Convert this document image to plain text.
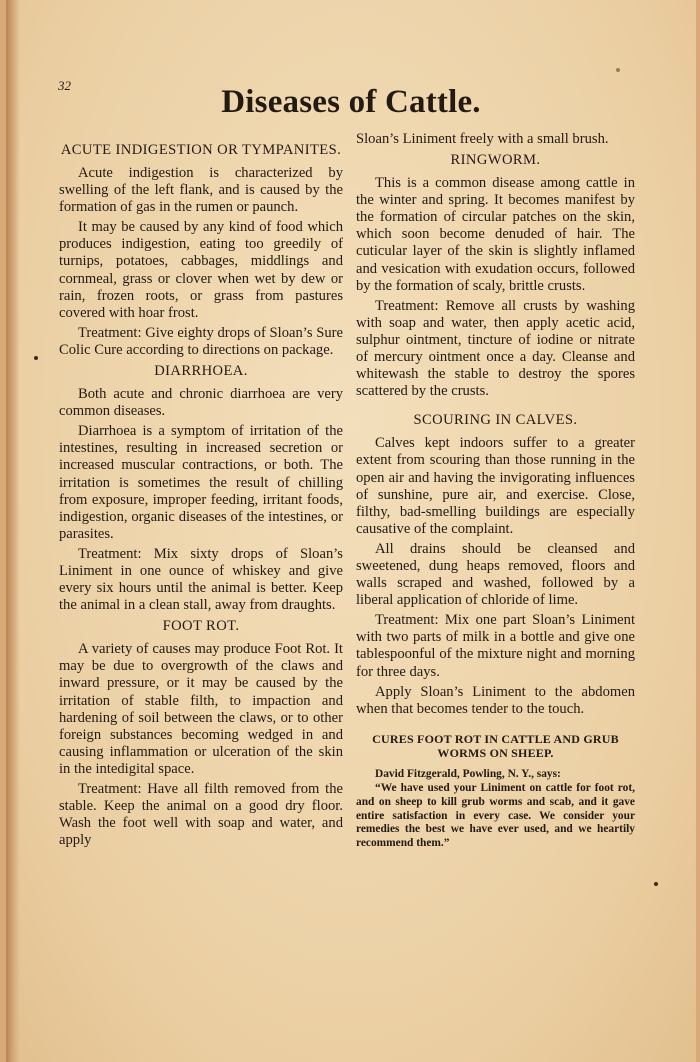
32	Diseases of Cattle.
ACUTE INDIGESTION OR TYMPANITES.

Acute indigestion is characterized by swelling of the left flank, and is caused by the formation of gas in the rumen or paunch.

It may be caused by any kind of food which produces indigestion, eating too greedily of turnips, potatoes, cabbages, middlings and cornmeal, grass or clover when wet by dew or rain, frozen roots, or grass from pastures covered with hoar frost.

Treatment: Give eighty drops of Sloan’s Sure Colic Cure according to directions on package.

DIARRHOEA.

Both acute and chronic diarrhoea are very common diseases.

Diarrhoea is a symptom of irritation of the intestines, resulting in increased secretion or increased muscular contractions, or both. The irritation is sometimes the result of chilling from exposure, improper feeding, irritant foods, indigestion, organic diseases of the intestines, or parasites.

Treatment: Mix sixty drops of Sloan’s Liniment in one ounce of whiskey and give every six hours until the animal is better. Keep the animal in a clean stall, away from draughts.

FOOT ROT.

A variety of causes may produce Foot Rot. It may be due to overgrowth of the claws and inward pressure, or it may be caused by the irritation of stable filth, to impaction and hardening of soil between the claws, or to other foreign substances becoming wedged in and causing inflammation or ulceration of the skin in the intedigital space.

Treatment: Have all filth removed from the stable. Keep the animal on a good dry floor. Wash the foot well with soap and water, and apply

Sloan’s Liniment freely with a small brush.

RINGWORM.

This is a common disease among cattle in the winter and spring. It becomes manifest by the formation of circular patches on the skin, which soon become denuded of hair. The cuticular layer of the skin is slightly inflamed and vesication with exudation occurs, followed by the formation of scaly, brittle crusts.

Treatment: Remove all crusts by washing with soap and water, then apply acetic acid, sulphur ointment, tincture of iodine or nitrate of mercury ointment once a day. Cleanse and whitewash the stable to destroy the spores scattered by the crusts.

SCOURING IN CALVES.

Calves kept indoors suffer to a greater extent from scouring than those running in the open air and having the invigorating influences of sunshine, pure air, and exercise. Close, filthy, bad-smelling buildings are especially causative of the complaint.

All drains should be cleansed and sweetened, dung heaps removed, floors and walls scraped and washed, followed by a liberal application of chloride of lime.

Treatment: Mix one part Sloan’s Liniment with two parts of milk in a bottle and give one tablespoonful of the mixture night and morning for three days.

Apply Sloan’s Liniment to the abdomen when that becomes tender to the touch.

CURES FOOT ROT IN CATTLE AND GRUB WORMS ON SHEEP.

David Fitzgerald, Powling, N. Y., says:

“We have used your Liniment on cattle for foot rot, and on sheep to kill grub worms and scab, and it gave entire satisfaction in every case. We consider your remedies the best we have ever used, and we heartily recommend them.”
